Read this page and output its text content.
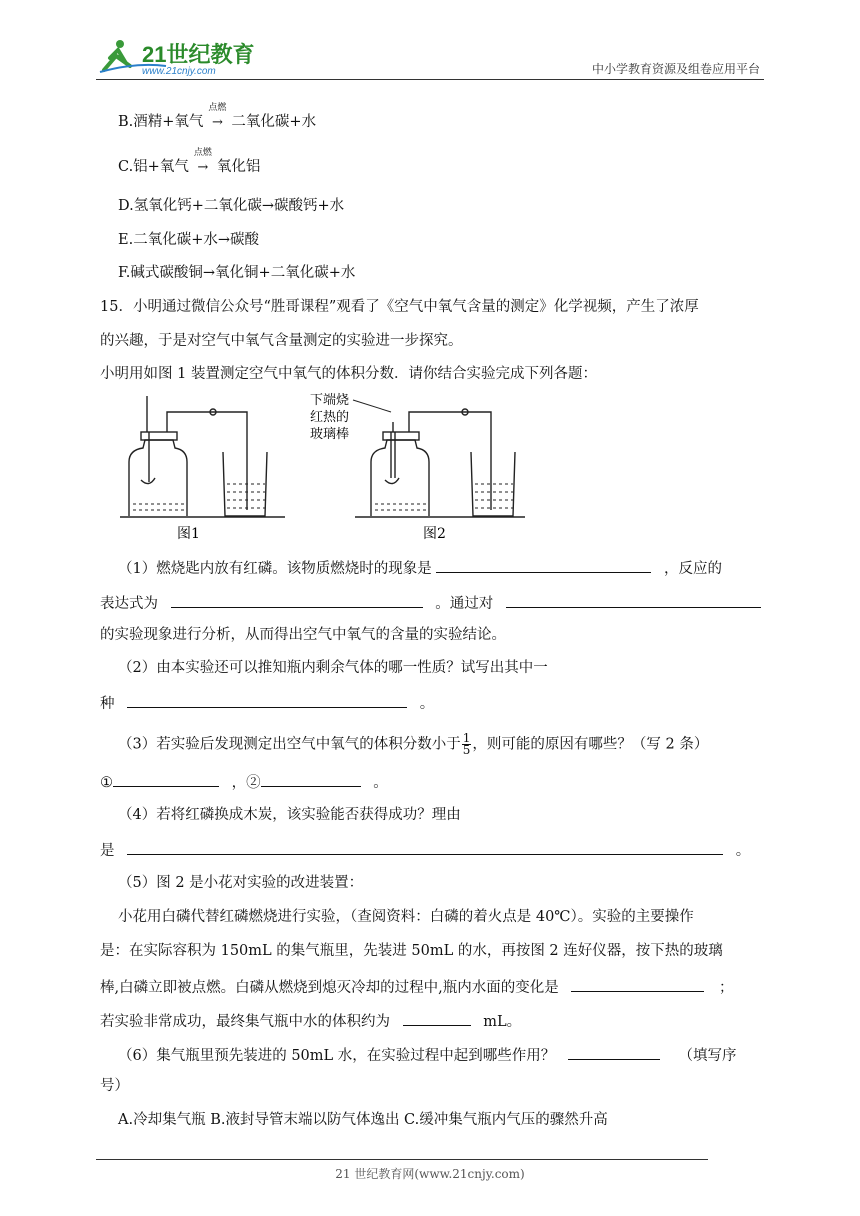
21世纪教育
www.21cnjy.com	中小学教育资源及组卷应用平台
B.酒精+氧气
点燃
→ 二氧化碳+水
C.铝+氧气
点燃
→ 氧化铝
D.氢氧化钙+二氧化碳→碳酸钙+水
E.二氧化碳+水→碳酸
F.碱式碳酸铜→氧化铜+二氧化碳+水
15．小明通过微信公众号“胜哥课程”观看了《空气中氧气含量的测定》化学视频，产生了浓厚
的兴趣，于是对空气中氧气含量测定的实验进一步探究。
小明用如图 1 装置测定空气中氧气的体积分数．请你结合实验完成下列各题：
下端烧
红热的
玻璃棒
图1	图2
（1）燃烧匙内放有红磷。该物质燃烧时的现象是	，反应的
表达式为	。通过对
的实验现象进行分析，从而得出空气中氧气的含量的实验结论。
（2）由本实验还可以推知瓶内剩余气体的哪一性质？试写出其中一
种	。
（3）若实验后发现测定出空气中氧气的体积分数小于 $\frac{1}{5}$ ，则可能的原因有哪些？（写 2 条）
①	，②	。
（4）若将红磷换成木炭，该实验能否获得成功？理由
是	。
（5）图 2 是小花对实验的改进装置：
小花用白磷代替红磷燃烧进行实验，（查阅资料：白磷的着火点是 40℃）。实验的主要操作
是：在实际容积为 150mL 的集气瓶里，先装进 50mL 的水，再按图 2 连好仪器，按下热的玻璃
棒,白磷立即被点燃。白磷从燃烧到熄灭冷却的过程中,瓶内水面的变化是	；
若实验非常成功，最终集气瓶中水的体积约为	mL。
（6）集气瓶里预先装进的 50mL 水，在实验过程中起到哪些作用？	（填写序
号）
A.冷却集气瓶 B.液封导管末端以防气体逸出 C.缓冲集气瓶内气压的骤然升高
21 世纪教育网(www.21cnjy.com)
